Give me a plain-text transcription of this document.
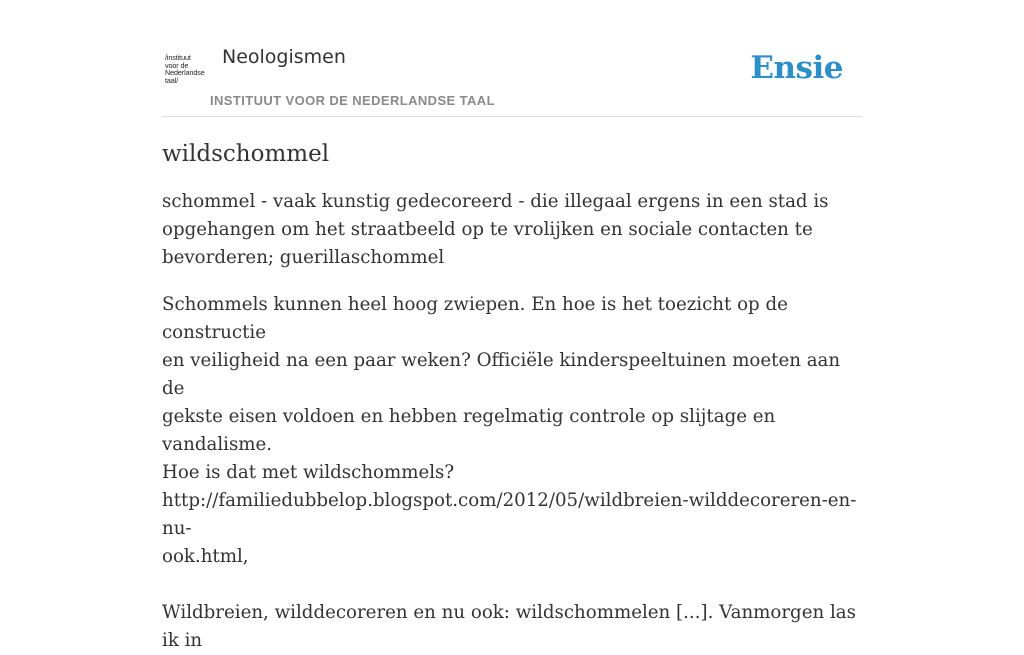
/instituut
voor de
Nederlandse
taal/
Neologismen
INSTITUUT VOOR DE NEDERLANDSE TAAL
Ensie
wildschommel

schommel - vaak kunstig gedecoreerd - die illegaal ergens in een stad is opgehangen om het straatbeeld op te vrolijken en sociale contacten te bevorderen; guerillaschommel

Schommels kunnen heel hoog zwiepen. En hoe is het toezicht op de constructie
en veiligheid na een paar weken? Officiële kinderspeeltuinen moeten aan de
gekste eisen voldoen en hebben regelmatig controle op slijtage en vandalisme.
Hoe is dat met wildschommels?
http://familiedubbelop.blogspot.com/2012/05/wildbreien-wilddecoreren-en-nu-
ook.html,
Wildbreien, wilddecoreren en nu ook: wildschommelen [...]. Vanmorgen las ik in
